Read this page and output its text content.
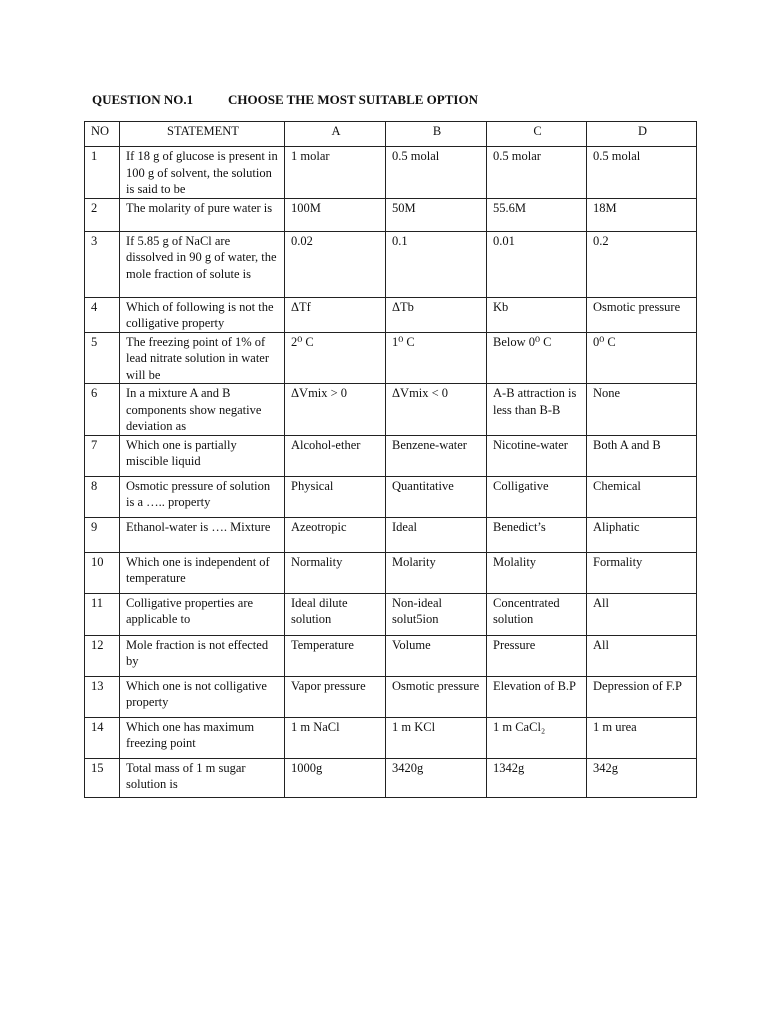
QUESTION NO.1	CHOOSE THE MOST SUITABLE OPTION
NO	STATEMENT	A	B	C	D
1	If 18 g of glucose is present in 100 g of solvent, the solution is said to be	1 molar	0.5 molal	0.5 molar	0.5 molal
2	The molarity of pure water is	100M	50M	55.6M	18M
3	If 5.85 g of NaCl are dissolved in 90 g of water, the mole fraction of solute is	0.02	0.1	0.01	0.2
4	Which of following is not the colligative property	ΔTf	ΔTb	Kb	Osmotic pressure
5	The freezing point of 1% of lead nitrate solution in water will be	2⁰ C	1⁰ C	Below 0⁰ C	0⁰ C
6	In a mixture A and B components show negative deviation as	ΔVmix > 0	ΔVmix < 0	A-B attraction is less than B-B	None
7	Which one is partially miscible liquid	Alcohol-ether	Benzene-water	Nicotine-water	Both A and B
8	Osmotic pressure of solution is a ….. property	Physical	Quantitative	Colligative	Chemical
9	Ethanol-water is …. Mixture	Azeotropic	Ideal	Benedict’s	Aliphatic
10	Which one is independent of temperature	Normality	Molarity	Molality	Formality
11	Colligative properties are applicable to	Ideal dilute solution	Non-ideal solut5ion	Concentrated solution	All
12	Mole fraction is not effected by	Temperature	Volume	Pressure	All
13	Which one is not colligative property	Vapor pressure	Osmotic pressure	Elevation of B.P	Depression of F.P
14	Which one has maximum freezing point	1 m NaCl	1 m KCl	1 m CaCl₂	1 m urea
15	Total mass of 1 m sugar solution is	1000g	3420g	1342g	342g
